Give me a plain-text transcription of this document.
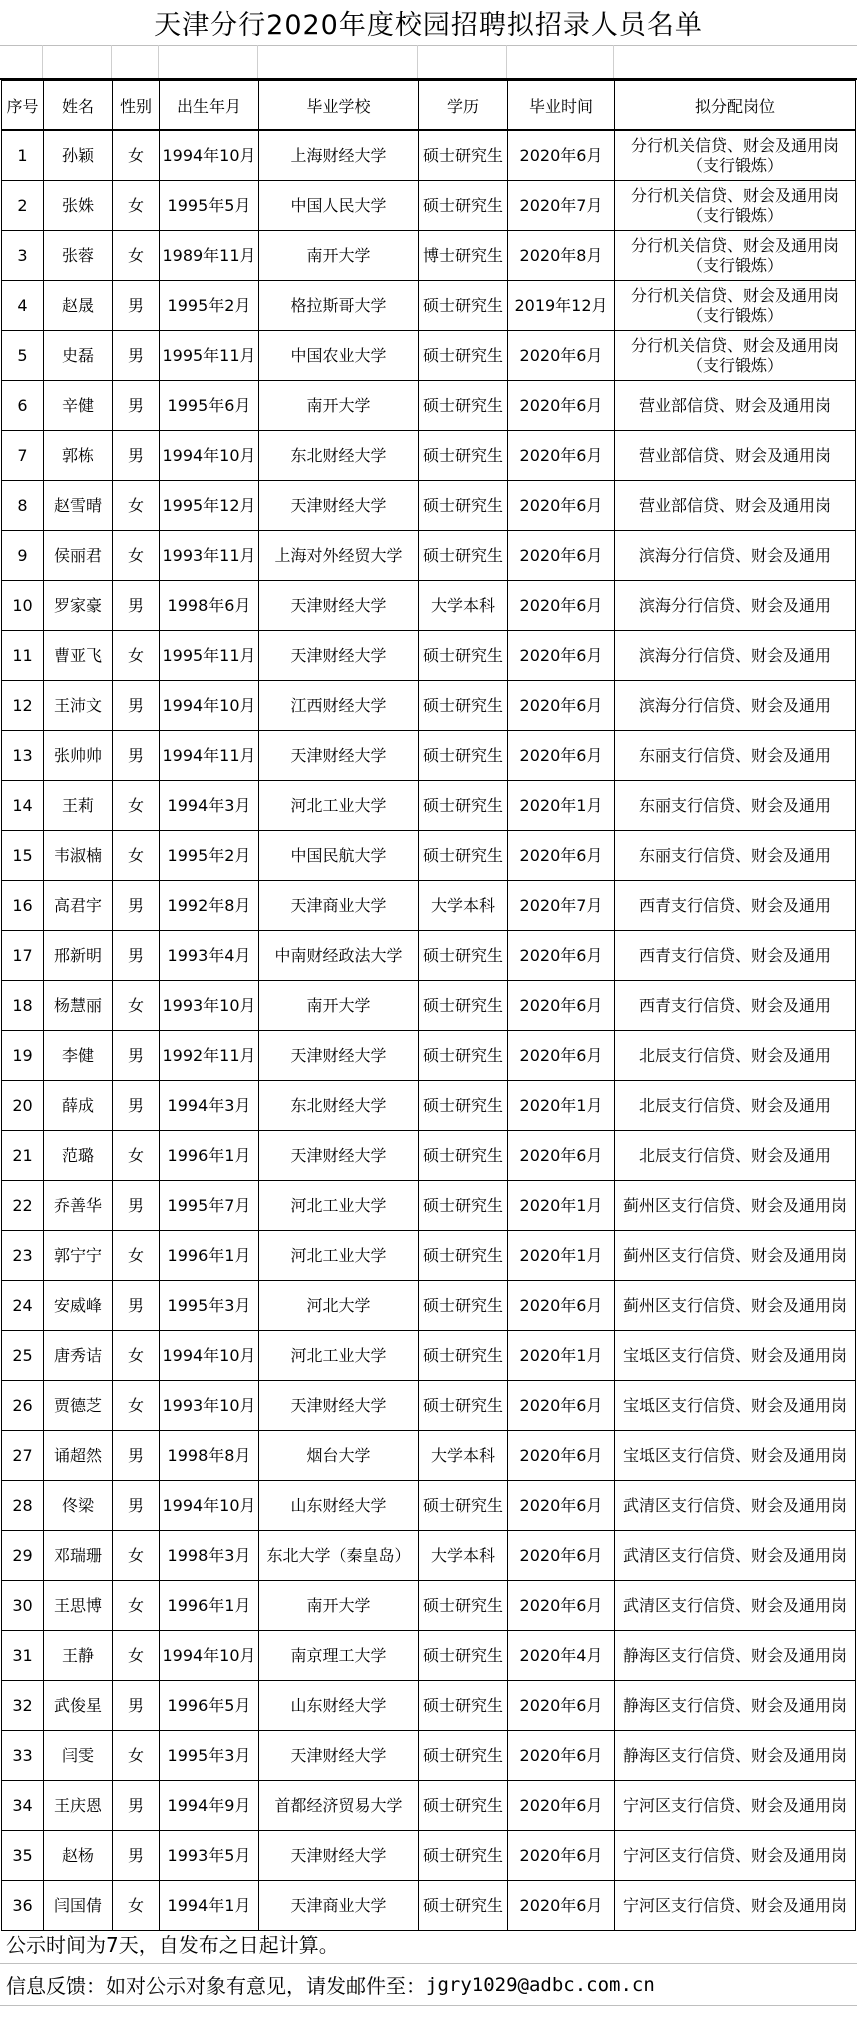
天津分行2020年度校园招聘拟招录人员名单
序号	姓名	性别	出生年月	毕业学校	学历	毕业时间	拟分配岗位
1	孙颖	女	1994年10月	上海财经大学	硕士研究生	2020年6月	分行机关信贷、财会及通用岗（支行锻炼）
2	张姝	女	1995年5月	中国人民大学	硕士研究生	2020年7月	分行机关信贷、财会及通用岗（支行锻炼）
3	张蓉	女	1989年11月	南开大学	博士研究生	2020年8月	分行机关信贷、财会及通用岗（支行锻炼）
4	赵晟	男	1995年2月	格拉斯哥大学	硕士研究生	2019年12月	分行机关信贷、财会及通用岗（支行锻炼）
5	史磊	男	1995年11月	中国农业大学	硕士研究生	2020年6月	分行机关信贷、财会及通用岗（支行锻炼）
6	辛健	男	1995年6月	南开大学	硕士研究生	2020年6月	营业部信贷、财会及通用岗
7	郭栋	男	1994年10月	东北财经大学	硕士研究生	2020年6月	营业部信贷、财会及通用岗
8	赵雪晴	女	1995年12月	天津财经大学	硕士研究生	2020年6月	营业部信贷、财会及通用岗
9	侯丽君	女	1993年11月	上海对外经贸大学	硕士研究生	2020年6月	滨海分行信贷、财会及通用
10	罗家豪	男	1998年6月	天津财经大学	大学本科	2020年6月	滨海分行信贷、财会及通用
11	曹亚飞	女	1995年11月	天津财经大学	硕士研究生	2020年6月	滨海分行信贷、财会及通用
12	王沛文	男	1994年10月	江西财经大学	硕士研究生	2020年6月	滨海分行信贷、财会及通用
13	张帅帅	男	1994年11月	天津财经大学	硕士研究生	2020年6月	东丽支行信贷、财会及通用
14	王莉	女	1994年3月	河北工业大学	硕士研究生	2020年1月	东丽支行信贷、财会及通用
15	韦淑楠	女	1995年2月	中国民航大学	硕士研究生	2020年6月	东丽支行信贷、财会及通用
16	高君宇	男	1992年8月	天津商业大学	大学本科	2020年7月	西青支行信贷、财会及通用
17	邢新明	男	1993年4月	中南财经政法大学	硕士研究生	2020年6月	西青支行信贷、财会及通用
18	杨慧丽	女	1993年10月	南开大学	硕士研究生	2020年6月	西青支行信贷、财会及通用
19	李健	男	1992年11月	天津财经大学	硕士研究生	2020年6月	北辰支行信贷、财会及通用
20	薛成	男	1994年3月	东北财经大学	硕士研究生	2020年1月	北辰支行信贷、财会及通用
21	范璐	女	1996年1月	天津财经大学	硕士研究生	2020年6月	北辰支行信贷、财会及通用
22	乔善华	男	1995年7月	河北工业大学	硕士研究生	2020年1月	蓟州区支行信贷、财会及通用岗
23	郭宁宁	女	1996年1月	河北工业大学	硕士研究生	2020年1月	蓟州区支行信贷、财会及通用岗
24	安威峰	男	1995年3月	河北大学	硕士研究生	2020年6月	蓟州区支行信贷、财会及通用岗
25	唐秀诘	女	1994年10月	河北工业大学	硕士研究生	2020年1月	宝坻区支行信贷、财会及通用岗
26	贾德芝	女	1993年10月	天津财经大学	硕士研究生	2020年6月	宝坻区支行信贷、财会及通用岗
27	诵超然	男	1998年8月	烟台大学	大学本科	2020年6月	宝坻区支行信贷、财会及通用岗
28	佟梁	男	1994年10月	山东财经大学	硕士研究生	2020年6月	武清区支行信贷、财会及通用岗
29	邓瑞珊	女	1998年3月	东北大学（秦皇岛）	大学本科	2020年6月	武清区支行信贷、财会及通用岗
30	王思博	女	1996年1月	南开大学	硕士研究生	2020年6月	武清区支行信贷、财会及通用岗
31	王静	女	1994年10月	南京理工大学	硕士研究生	2020年4月	静海区支行信贷、财会及通用岗
32	武俊星	男	1996年5月	山东财经大学	硕士研究生	2020年6月	静海区支行信贷、财会及通用岗
33	闫雯	女	1995年3月	天津财经大学	硕士研究生	2020年6月	静海区支行信贷、财会及通用岗
34	王庆恩	男	1994年9月	首都经济贸易大学	硕士研究生	2020年6月	宁河区支行信贷、财会及通用岗
35	赵杨	男	1993年5月	天津财经大学	硕士研究生	2020年6月	宁河区支行信贷、财会及通用岗
36	闫国倩	女	1994年1月	天津商业大学	硕士研究生	2020年6月	宁河区支行信贷、财会及通用岗
公示时间为7天，自发布之日起计算。
信息反馈：如对公示对象有意见，请发邮件至： jgry1029@adbc.com.cn
